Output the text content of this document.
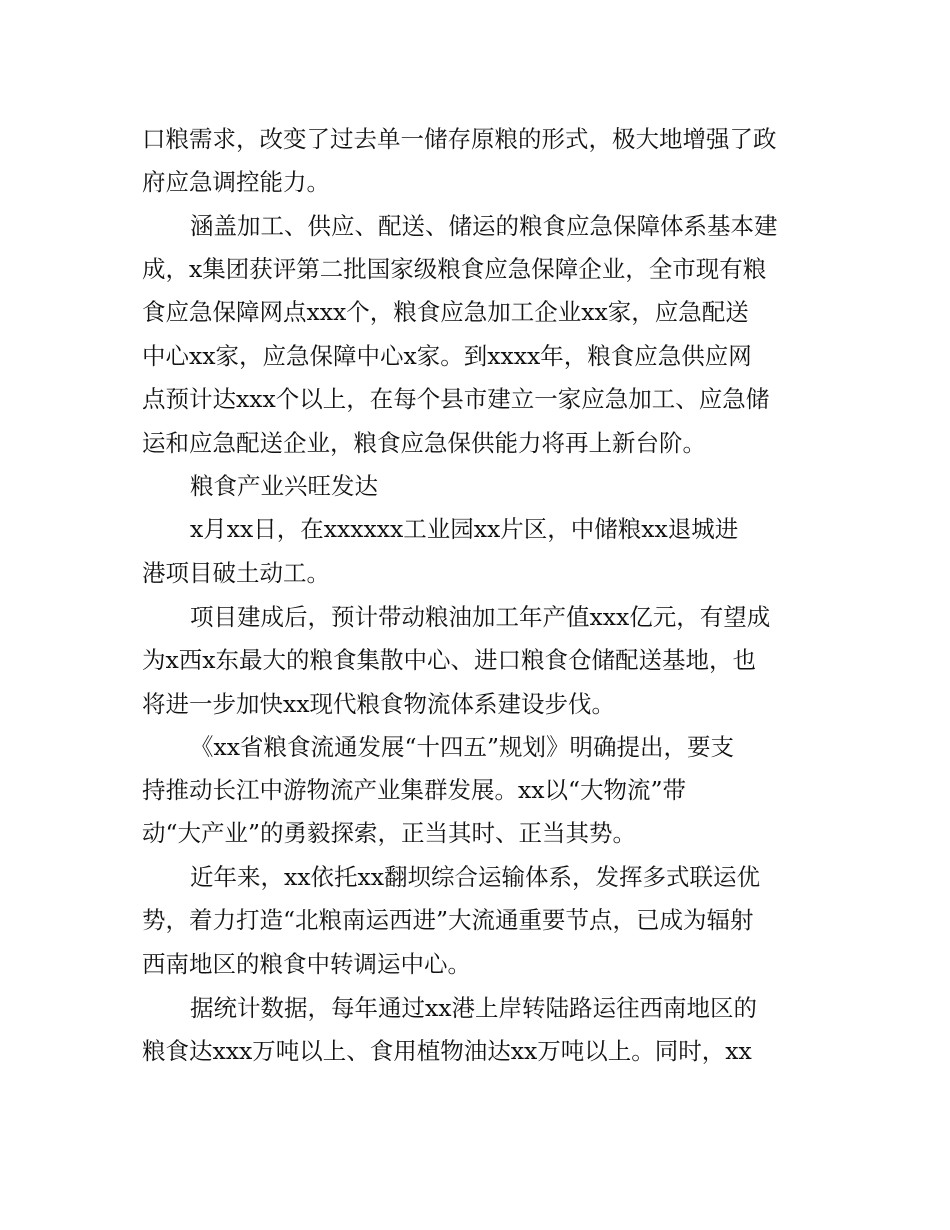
口粮需求，改变了过去单一储存原粮的形式，极大地增强了政
府应急调控能力。
涵盖加工、供应、配送、储运的粮食应急保障体系基本建
成，x集团获评第二批国家级粮食应急保障企业，全市现有粮
食应急保障网点xxx个，粮食应急加工企业xx家，应急配送
中心xx家，应急保障中心x家。到xxxx年，粮食应急供应网
点预计达xxx个以上，在每个县市建立一家应急加工、应急储
运和应急配送企业，粮食应急保供能力将再上新台阶。
粮食产业兴旺发达
x月xx日，在xxxxxx工业园xx片区，中储粮xx退城进
港项目破土动工。
项目建成后，预计带动粮油加工年产值xxx亿元，有望成
为x西x东最大的粮食集散中心、进口粮食仓储配送基地，也
将进一步加快xx现代粮食物流体系建设步伐。
《xx省粮食流通发展“十四五”规划》明确提出，要支
持推动长江中游物流产业集群发展。xx以“大物流”带
动“大产业”的勇毅探索，正当其时、正当其势。
近年来，xx依托xx翻坝综合运输体系，发挥多式联运优
势，着力打造“北粮南运西进”大流通重要节点，已成为辐射
西南地区的粮食中转调运中心。
据统计数据，每年通过xx港上岸转陆路运往西南地区的
粮食达xxx万吨以上、食用植物油达xx万吨以上。同时，xx
